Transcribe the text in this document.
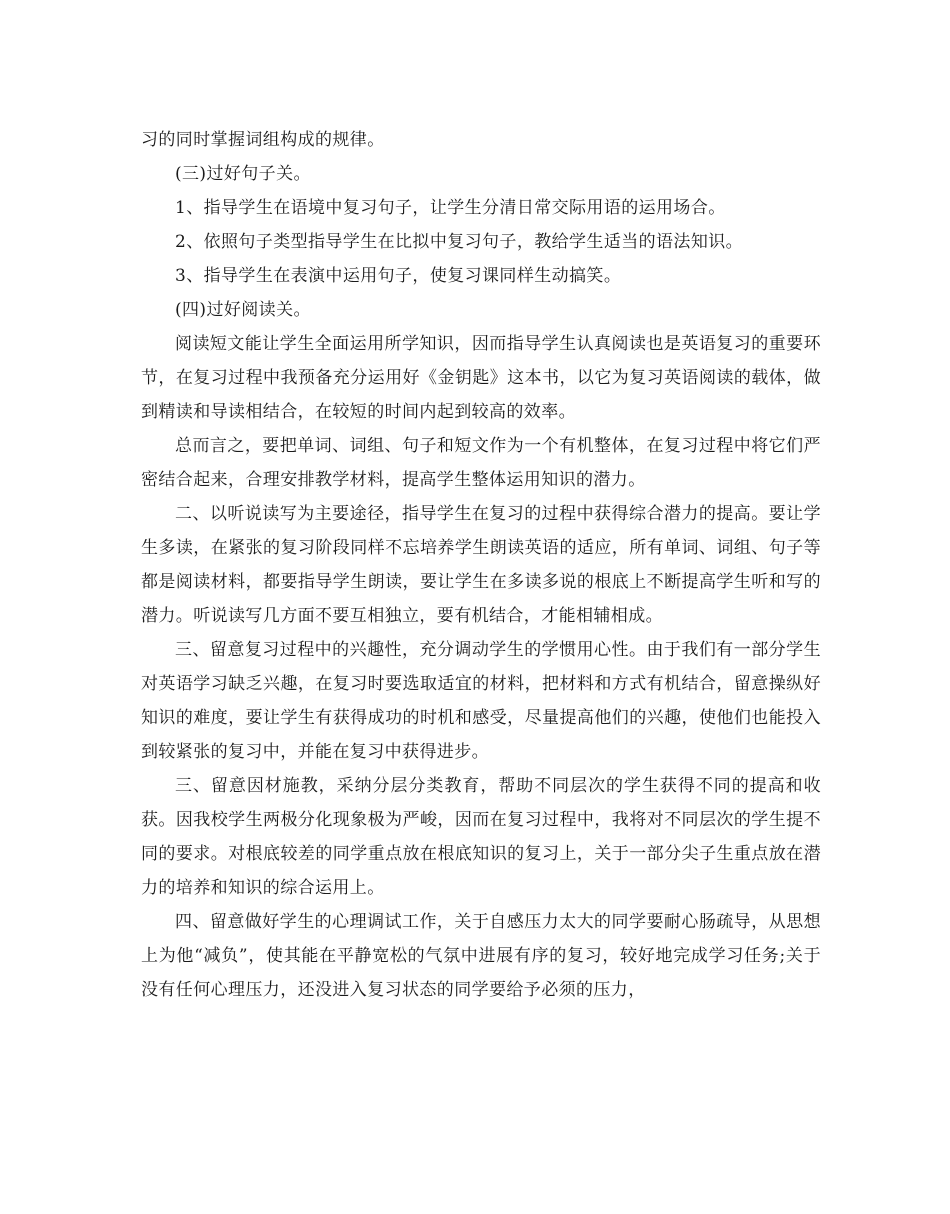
习的同时掌握词组构成的规律。

(三)过好句子关。

1、指导学生在语境中复习句子，让学生分清日常交际用语的运用场合。

2、依照句子类型指导学生在比拟中复习句子，教给学生适当的语法知识。

3、指导学生在表演中运用句子，使复习课同样生动搞笑。

(四)过好阅读关。

阅读短文能让学生全面运用所学知识，因而指导学生认真阅读也是英语复习的重要环节，在复习过程中我预备充分运用好《金钥匙》这本书，以它为复习英语阅读的载体，做到精读和导读相结合，在较短的时间内起到较高的效率。

总而言之，要把单词、词组、句子和短文作为一个有机整体，在复习过程中将它们严密结合起来，合理安排教学材料，提高学生整体运用知识的潜力。

二、以听说读写为主要途径，指导学生在复习的过程中获得综合潜力的提高。要让学生多读，在紧张的复习阶段同样不忘培养学生朗读英语的适应，所有单词、词组、句子等都是阅读材料，都要指导学生朗读，要让学生在多读多说的根底上不断提高学生听和写的潜力。听说读写几方面不要互相独立，要有机结合，才能相辅相成。

三、留意复习过程中的兴趣性，充分调动学生的学惯用心性。由于我们有一部分学生对英语学习缺乏兴趣，在复习时要选取适宜的材料，把材料和方式有机结合，留意操纵好知识的难度，要让学生有获得成功的时机和感受，尽量提高他们的兴趣，使他们也能投入到较紧张的复习中，并能在复习中获得进步。

三、留意因材施教，采纳分层分类教育，帮助不同层次的学生获得不同的提高和收获。因我校学生两极分化现象极为严峻，因而在复习过程中，我将对不同层次的学生提不同的要求。对根底较差的同学重点放在根底知识的复习上，关于一部分尖子生重点放在潜力的培养和知识的综合运用上。

四、留意做好学生的心理调试工作，关于自感压力太大的同学要耐心肠疏导，从思想上为他“减负”，使其能在平静宽松的气氛中进展有序的复习，较好地完成学习任务;关于没有任何心理压力，还没进入复习状态的同学要给予必须的压力，
